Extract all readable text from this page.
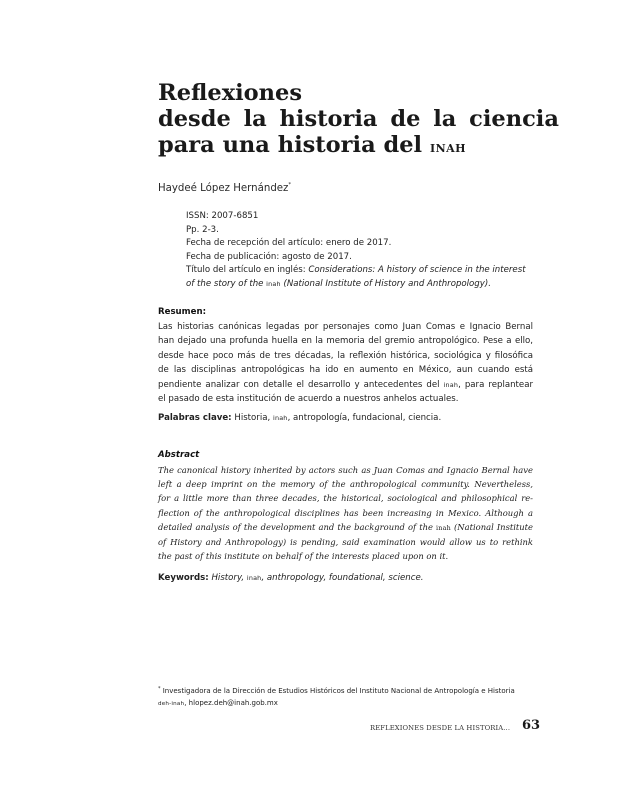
Reflexiones
desde la historia de la ciencia
para una historia del inah
Haydeé López Hernández*
ISSN: 2007-6851
Pp. 2-3.
Fecha de recepción del artículo: enero de 2017.
Fecha de publicación: agosto de 2017.
Título del artículo en inglés: Considerations: A history of science in the interest
of the story of the inah (National Institute of History and Anthropology).
Resumen:
Las historias canónicas legadas por personajes como Juan Comas e Ignacio Bernal
han dejado una profunda huella en la memoria del gremio antropológico. Pese a ello,
desde hace poco más de tres décadas, la reflexión histórica, sociológica y filosófica
de las disciplinas antropológicas ha ido en aumento en México, aun cuando está
pendiente analizar con detalle el desarrollo y antecedentes del inah, para replantear
el pasado de esta institución de acuerdo a nuestros anhelos actuales.
Palabras clave: Historia, inah, antropología, fundacional, ciencia.
Abstract
The canonical history inherited by actors such as Juan Comas and Ignacio Bernal have
left a deep imprint on the memory of the anthropological community. Nevertheless,
for a little more than three decades, the historical, sociological and philosophical re-
flection of the anthropological disciplines has been increasing in Mexico. Although a
detailed analysis of the development and the background of the inah (National Institute
of History and Anthropology) is pending, said examination would allow us to rethink
the past of this institute on behalf of the interests placed upon on it.
Keywords: History, inah, anthropology, foundational, science.
* Investigadora de la Dirección de Estudios Históricos del Instituto Nacional de Antropología e Historia
deh-inah, hlopez.deh@inah.gob.mx
REFLEXIONES DESDE LA HISTORIA... 63
